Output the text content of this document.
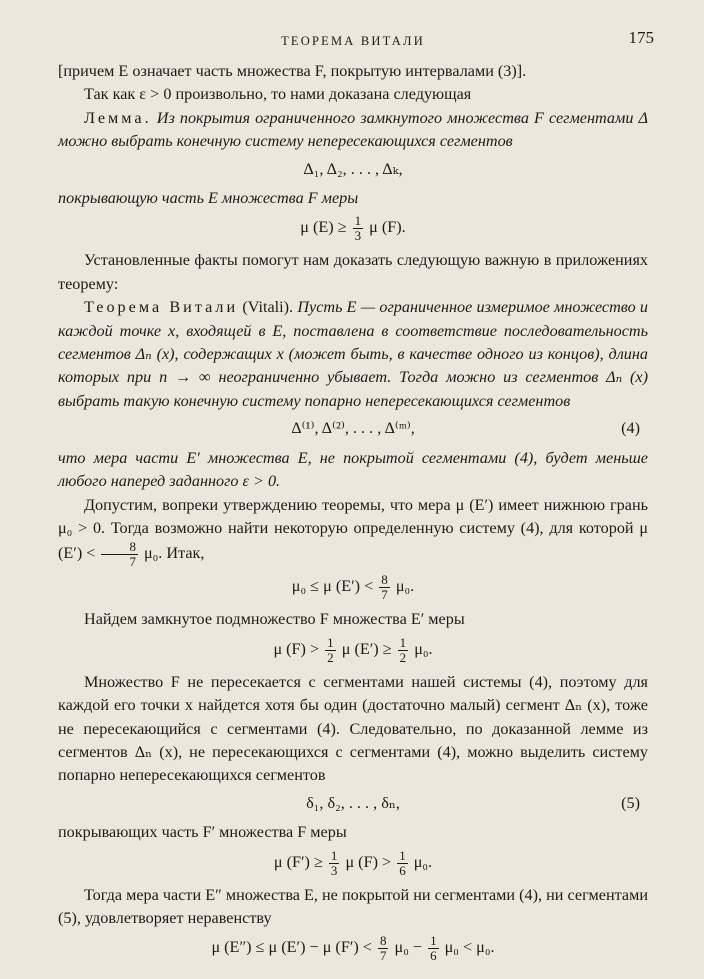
ТЕОРЕМА ВИТАЛИ	175

[причем E означает часть множества F, покрытую интервалами (3)].

Так как ε > 0 произвольно, то нами доказана следующая

Лемма. Из покрытия ограниченного замкнутого множества F сегментами Δ можно выбрать конечную систему непересекающихся сегментов

Δ₁, Δ₂, . . . , Δₖ,

покрывающую часть E множества F меры

μ $(E) \ge \frac{1}{3}$ μ (F).

Установленные факты помогут нам доказать следующую важную в приложениях теорему:

Теорема Витали (Vitali). Пусть E — ограниченное измеримое множество и каждой точке x, входящей в E, поставлена в соответствие последовательность сегментов Δₙ (x), содержащих x (может быть, в качестве одного из концов), длина которых при n → ∞ неограниченно убывает. Тогда можно из сегментов Δₙ (x) выбрать такую конечную систему попарно непересекающихся сегментов

Δ⁽¹⁾, Δ⁽²⁾, . . . , Δ⁽ᵐ⁾,	(4)

что мера части E′ множества E, не покрытой сегментами (4), будет меньше любого наперед заданного ε > 0.

Допустим, вопреки утверждению теоремы, что мера μ (E′) имеет нижнюю грань μ₀ > 0. Тогда возможно найти некоторую определенную систему (4), для которой μ $(E') < \frac{8}{7} \mu_0$. Итак,

μ₀ ≤ μ $(E') < \frac{8}{7} \mu_0$.

Найдем замкнутое подмножество F множества E′ меры

μ $(F) > \frac{1}{2}$ μ $(E') \ge \frac{1}{2} \mu_0$.

Множество F не пересекается с сегментами нашей системы (4), поэтому для каждой его точки x найдется хотя бы один (достаточно малый) сегмент Δₙ (x), тоже не пересекающийся с сегментами (4). Следовательно, по доказанной лемме из сегментов Δₙ (x), не пересекающихся с сегментами (4), можно выделить систему попарно непересекающихся сегментов

δ₁, δ₂, . . . , δₙ,	(5)

покрывающих часть F′ множества F меры

μ $(F') \ge \frac{1}{3}$ μ $(F) > \frac{1}{6} \mu_0$.

Тогда мера части E″ множества E, не покрытой ни сегментами (4), ни сегментами (5), удовлетворяет неравенству

μ (E″) ≤ μ (E′) − μ $(F') < \frac{8}{7} \mu_0 - \frac{1}{6} \mu_0 < \mu_0$.
